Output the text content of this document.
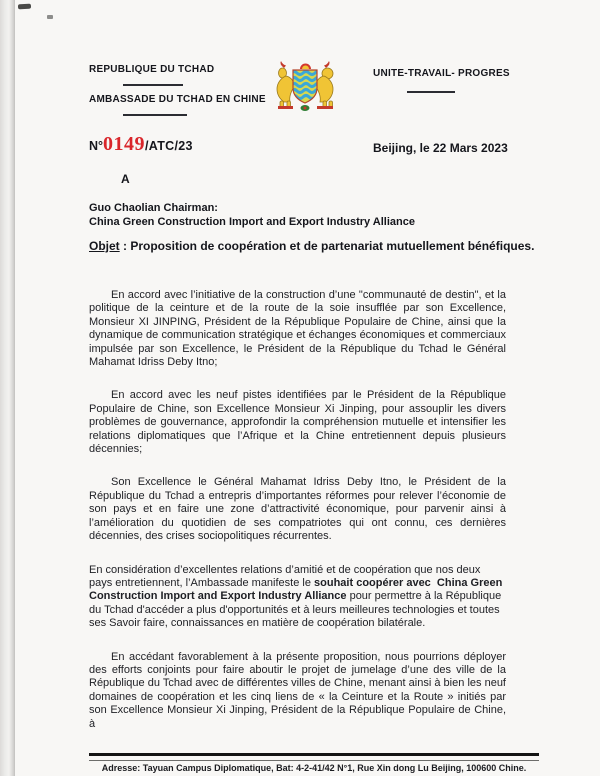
REPUBLIQUE DU TCHAD
AMBASSADE DU TCHAD EN CHINE
UNITE-TRAVAIL- PROGRES
N° 0149 /ATC/23	Beijing, le 22 Mars 2023
A
Guo Chaolian Chairman:
China Green Construction Import and Export Industry Alliance
Objet : Proposition de coopération et de partenariat mutuellement bénéfiques.

En accord avec l’initiative de la construction d’une "communauté de destin", et la politique de la ceinture et de la route de la soie insufflée par son Excellence, Monsieur XI JINPING, Président de la République Populaire de Chine, ainsi que la dynamique de communication stratégique et échanges économiques et commerciaux impulsée par son Excellence, le Président de la République du Tchad le Général Mahamat Idriss Deby Itno;

En accord avec les neuf pistes identifiées par le Président de la République Populaire de Chine, son Excellence Monsieur Xi Jinping, pour assouplir les divers problèmes de gouvernance, approfondir la compréhension mutuelle et intensifier les relations diplomatiques que l’Afrique et la Chine entretiennent depuis plusieurs décennies;

Son Excellence le Général Mahamat Idriss Deby Itno, le Président de la République du Tchad a entrepris d’importantes réformes pour relever l’économie de son pays et en faire une zone d’attractivité économique, pour parvenir ainsi à l’amélioration du quotidien de ses compatriotes qui ont connu, ces dernières décennies, des crises sociopolitiques récurrentes.

En considération d’excellentes relations d’amitié et de coopération que nos deux pays entretiennent, l’Ambassade manifeste le souhait coopérer avec  China Green Construction Import and Export Industry Alliance pour permettre à la République du Tchad d'accéder a plus d'opportunités et à leurs meilleures technologies et toutes ses Savoir faire, connaissances en matière de coopération bilatérale.

En accédant favorablement à la présente proposition, nous pourrions déployer des efforts conjoints pour faire aboutir le projet de jumelage d’une des ville de la République du Tchad avec de différentes villes de Chine, menant ainsi à bien les neuf domaines de coopération et les cinq liens de « la Ceinture et la Route » initiés par son Excellence Monsieur Xi Jinping, Président de la République Populaire de Chine, à

Adresse: Tayuan Campus Diplomatique, Bat: 4-2-41/42 N°1, Rue Xin dong Lu Beijing, 100600 Chine.
